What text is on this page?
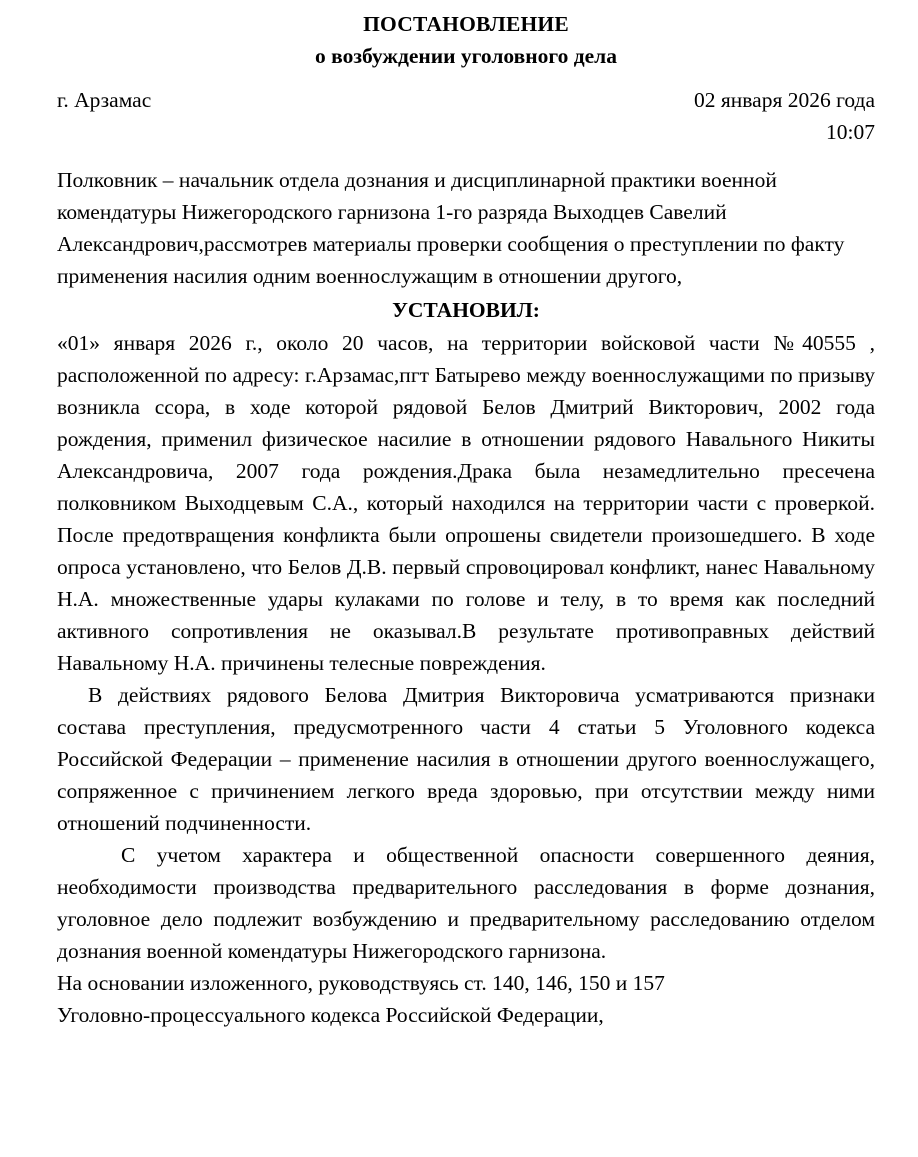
ПОСТАНОВЛЕНИЕ
о возбуждении уголовного дела
г. Арзамас	02 января 2026 года
10:07
Полковник – начальник отдела дознания и дисциплинарной практики военной комендатуры Нижегородского гарнизона 1-го разряда Выходцев Савелий Александрович,рассмотрев материалы проверки сообщения о преступлении по факту применения насилия одним военнослужащим в отношении другого,
УСТАНОВИЛ:

«01» января 2026 г., около 20 часов, на территории войсковой части №40555 , расположенной по адресу: г.Арзамас,пгт Батырево между военнослужащими по призыву возникла ссора, в ходе которой рядовой Белов Дмитрий Викторович, 2002 года рождения, применил физическое насилие в отношении рядового Навального Никиты Александровича, 2007 года рождения.Драка была незамедлительно пресечена полковником Выходцевым С.А., который находился на территории части с проверкой. После предотвращения конфликта были опрошены свидетели произошедшего. В ходе опроса установлено, что Белов Д.В. первый спровоцировал конфликт, нанес Навальному Н.А. множественные удары кулаками по голове и телу, в то время как последний активного сопротивления не оказывал.В результате противоправных действий Навальному Н.А. причинены телесные повреждения.

В действиях рядового Белова Дмитрия Викторовича усматриваются признаки состава преступления, предусмотренного части 4 статьи 5 Уголовного кодекса Российской Федерации – применение насилия в отношении другого военнослужащего, сопряженное с причинением легкого вреда здоровью, при отсутствии между ними отношений подчиненности.

С учетом характера и общественной опасности совершенного деяния, необходимости производства предварительного расследования в форме дознания, уголовное дело подлежит возбуждению и предварительному расследованию отделом дознания военной комендатуры Нижегородского гарнизона.

На основании изложенного, руководствуясь ст. 140, 146, 150 и 157
Уголовно-процессуального кодекса Российской Федерации,
